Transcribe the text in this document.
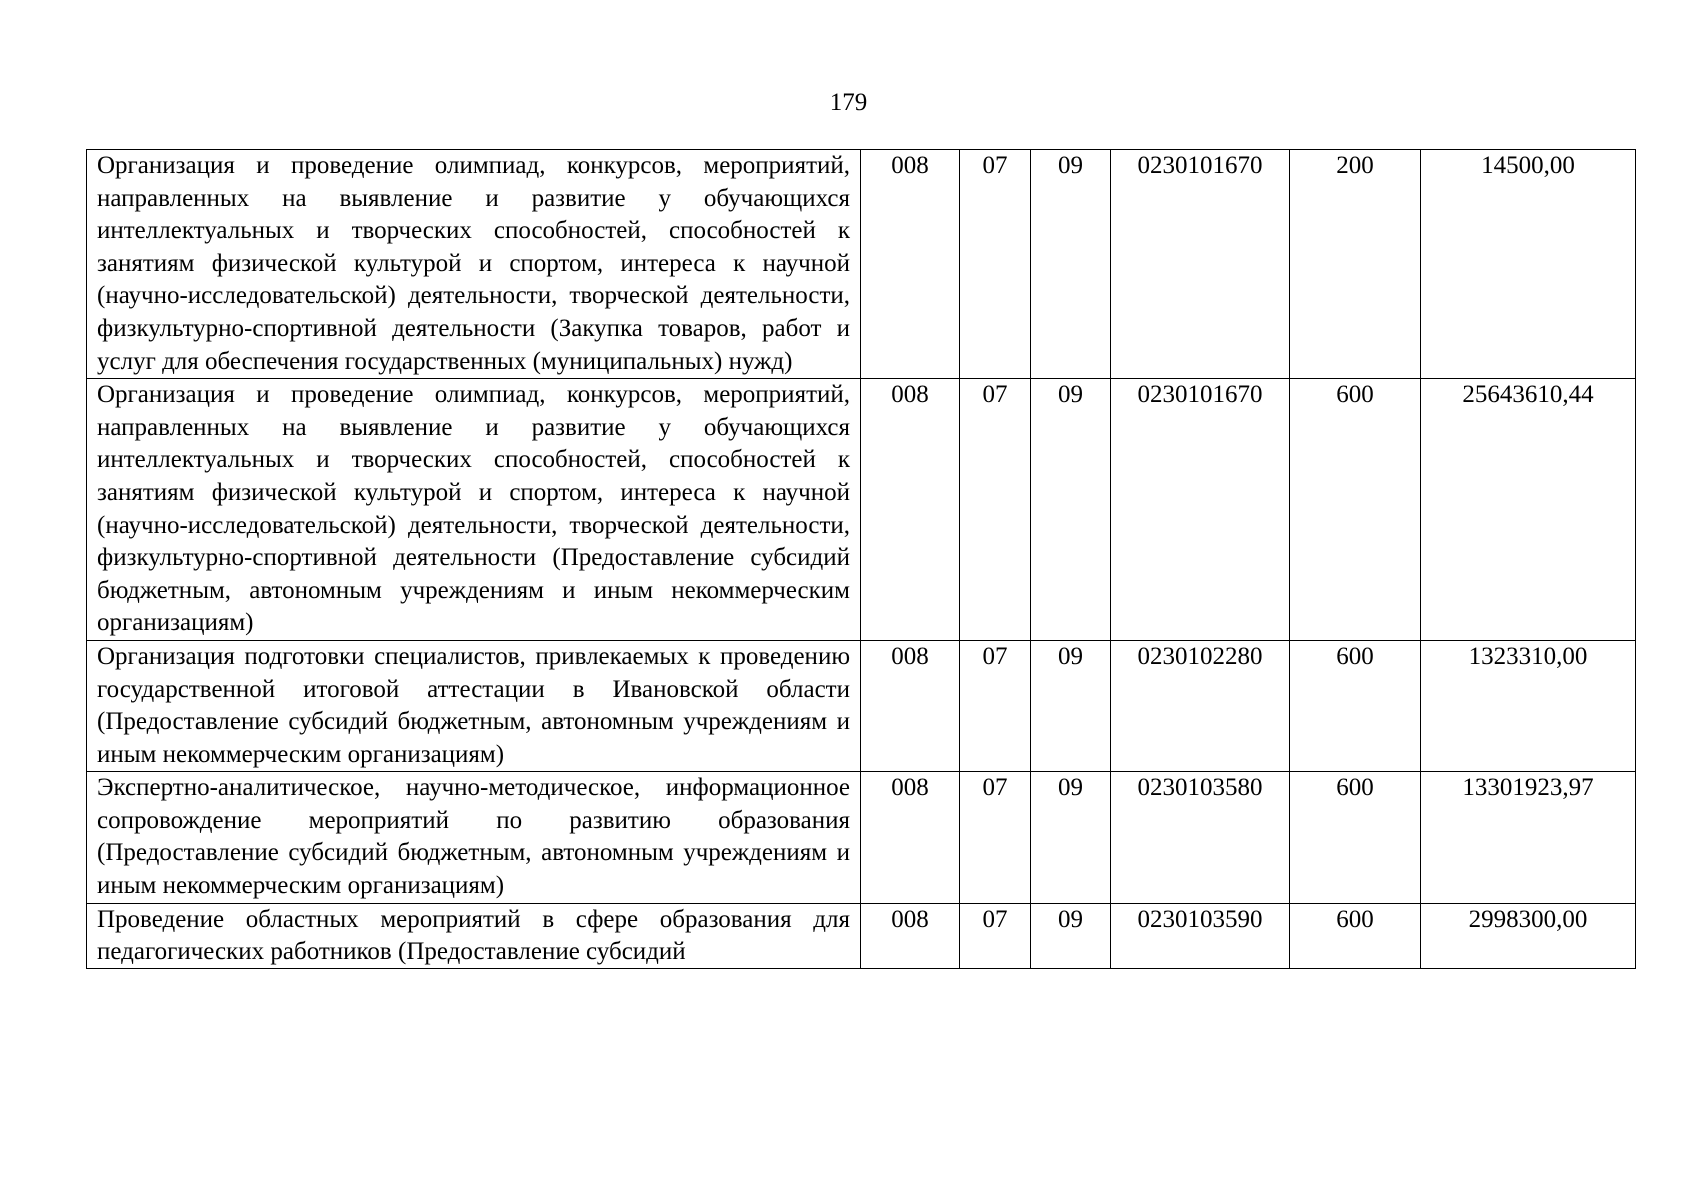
179
Организация и проведение олимпиад, конкурсов, мероприятий, направленных на выявление и развитие у обучающихся интеллектуальных и творческих способностей, способностей к занятиям физической культурой и спортом, интереса к научной (научно-исследовательской) деятельности, творческой деятельности, физкультурно-спортивной деятельности (Закупка товаров, работ и услуг для обеспечения государственных (муниципальных) нужд)	008	07	09	0230101670	200	14500,00
Организация и проведение олимпиад, конкурсов, мероприятий, направленных на выявление и развитие у обучающихся интеллектуальных и творческих способностей, способностей к занятиям физической культурой и спортом, интереса к научной (научно-исследовательской) деятельности, творческой деятельности, физкультурно-спортивной деятельности (Предоставление субсидий бюджетным, автономным учреждениям и иным некоммерческим организациям)	008	07	09	0230101670	600	25643610,44
Организация подготовки специалистов, привлекаемых к проведению государственной итоговой аттестации в Ивановской области (Предоставление субсидий бюджетным, автономным учреждениям и иным некоммерческим организациям)	008	07	09	0230102280	600	1323310,00
Экспертно-аналитическое, научно-методическое, информационное сопровождение мероприятий по развитию образования (Предоставление субсидий бюджетным, автономным учреждениям и иным некоммерческим организациям)	008	07	09	0230103580	600	13301923,97

Проведение областных мероприятий в сфере образования для педагогических работников (Предоставление субсидий	008	07	09	0230103590	600	2998300,00
